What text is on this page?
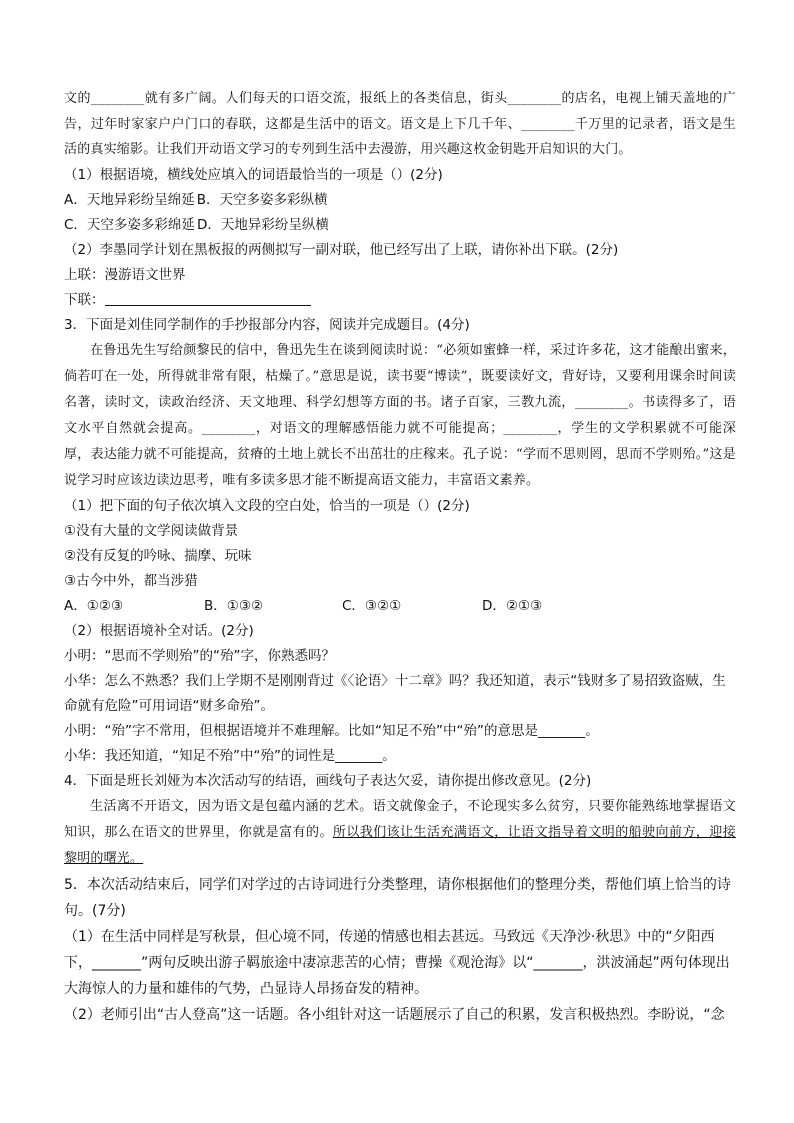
文的________就有多广阔。人们每天的口语交流，报纸上的各类信息，街头________的店名，电视上铺天盖地的广告，过年时家家户户门口的春联，这都是生活中的语文。语文是上下几千年、________千万里的记录者，语文是生活的真实缩影。让我们开动语文学习的专列到生活中去漫游，用兴趣这枚金钥匙开启知识的大门。

（1）根据语境，横线处应填入的词语最恰当的一项是（）(2分)

A．天地异彩纷呈绵延 B．天空多姿多彩纵横
C．天空多姿多彩绵延 D．天地异彩纷呈纵横

（2）李墨同学计划在黑板报的两侧拟写一副对联，他已经写出了上联，请你补出下联。(2分)

上联：漫游语文世界

下联：

3．下面是刘佳同学制作的手抄报部分内容，阅读并完成题目。(4分)

在鲁迅先生写给颜黎民的信中，鲁迅先生在谈到阅读时说：“必须如蜜蜂一样，采过许多花，这才能酿出蜜来，倘若叮在一处，所得就非常有限，枯燥了。”意思是说，读书要“博读”，既要读好文，背好诗，又要利用课余时间读名著，读时文，读政治经济、天文地理、科学幻想等方面的书。诸子百家，三教九流，________。书读得多了，语文水平自然就会提高。________，对语文的理解感悟能力就不可能提高；________，学生的文学积累就不可能深厚，表达能力就不可能提高，贫瘠的土地上就长不出茁壮的庄稼来。孔子说：“学而不思则罔，思而不学则殆。”这是说学习时应该边读边思考，唯有多读多思才能不断提高语文能力，丰富语文素养。

（1）把下面的句子依次填入文段的空白处，恰当的一项是（）(2分)

①没有大量的文学阅读做背景

②没有反复的吟咏、揣摩、玩味

③古今中外，都当涉猎

A．①②③	B．①③②	C．③②①	D．②①③

（2）根据语境补全对话。(2分)

小明：“思而不学则殆”的“殆”字，你熟悉吗？

小华：怎么不熟悉？我们上学期不是刚刚背过《〈论语〉十二章》吗？我还知道，表示“钱财多了易招致盗贼，生命就有危险”可用词语“财多命殆”。

小明：“殆”字不常用，但根据语境并不难理解。比如“知足不殆”中“殆”的意思是_______。

小华：我还知道，“知足不殆”中“殆”的词性是_______。

4．下面是班长刘娅为本次活动写的结语，画线句子表达欠妥，请你提出修改意见。(2分)

生活离不开语文，因为语文是包蕴内涵的艺术。语文就像金子，不论现实多么贫穷，只要你能熟练地掌握语文知识，那么在语文的世界里，你就是富有的。所以我们该让生活充满语文，让语文指导着文明的船驶向前方，迎接黎明的曙光。

5．本次活动结束后，同学们对学过的古诗词进行分类整理，请你根据他们的整理分类，帮他们填上恰当的诗句。(7分)

（1）在生活中同样是写秋景，但心境不同，传递的情感也相去甚远。马致远《天净沙·秋思》中的“夕阳西下，_______”两句反映出游子羁旅途中凄凉悲苦的心情；曹操《观沧海》以“_______，洪波涌起”两句体现出大海惊人的力量和雄伟的气势，凸显诗人昂扬奋发的精神。

（2）老师引出“古人登高”这一话题。各小组针对这一话题展示了自己的积累，发言积极热烈。李盼说，“念
